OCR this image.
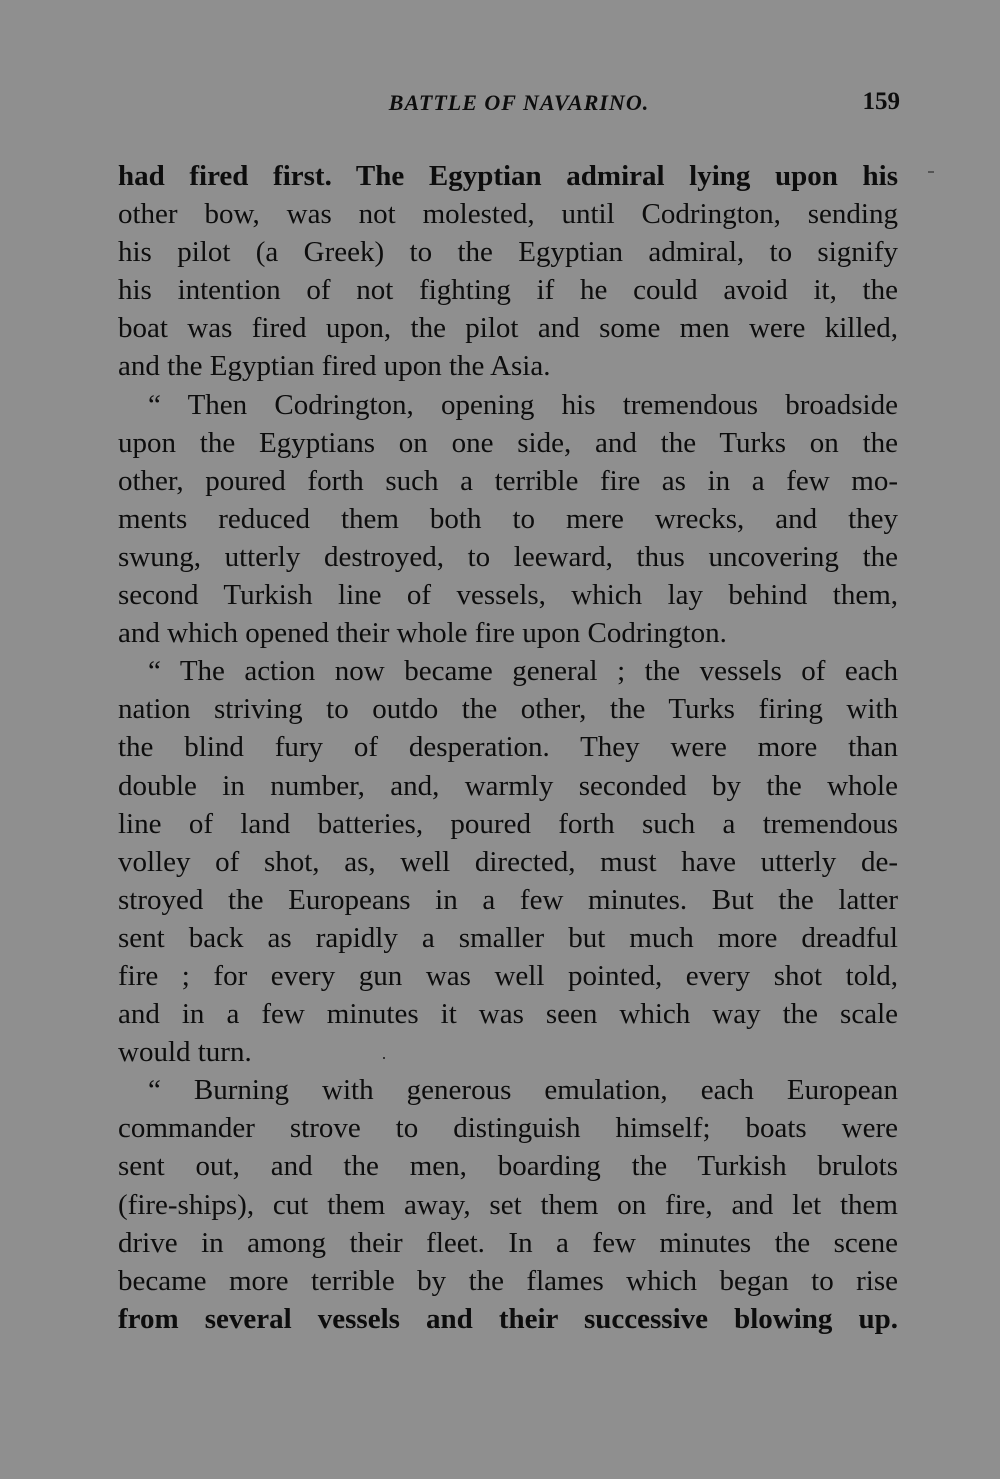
BATTLE OF NAVARINO.	159
had fired first. The Egyptian admiral lying upon his
other bow, was not molested, until Codrington, sending
his pilot (a Greek) to the Egyptian admiral, to signify
his intention of not fighting if he could avoid it, the
boat was fired upon, the pilot and some men were killed,
and the Egyptian fired upon the Asia.
“ Then Codrington, opening his tremendous broadside
upon the Egyptians on one side, and the Turks on the
other, poured forth such a terrible fire as in a few mo-
ments reduced them both to mere wrecks, and they
swung, utterly destroyed, to leeward, thus uncovering the
second Turkish line of vessels, which lay behind them,
and which opened their whole fire upon Codrington.
“ The action now became general ; the vessels of each
nation striving to outdo the other, the Turks firing with
the blind fury of desperation. They were more than
double in number, and, warmly seconded by the whole
line of land batteries, poured forth such a tremendous
volley of shot, as, well directed, must have utterly de-
stroyed the Europeans in a few minutes. But the latter
sent back as rapidly a smaller but much more dreadful
fire ; for every gun was well pointed, every shot told,
and in a few minutes it was seen which way the scale
would turn.
“ Burning with generous emulation, each European
commander strove to distinguish himself; boats were
sent out, and the men, boarding the Turkish brulots
(fire-ships), cut them away, set them on fire, and let them
drive in among their fleet. In a few minutes the scene
became more terrible by the flames which began to rise
from several vessels and their successive blowing up.
